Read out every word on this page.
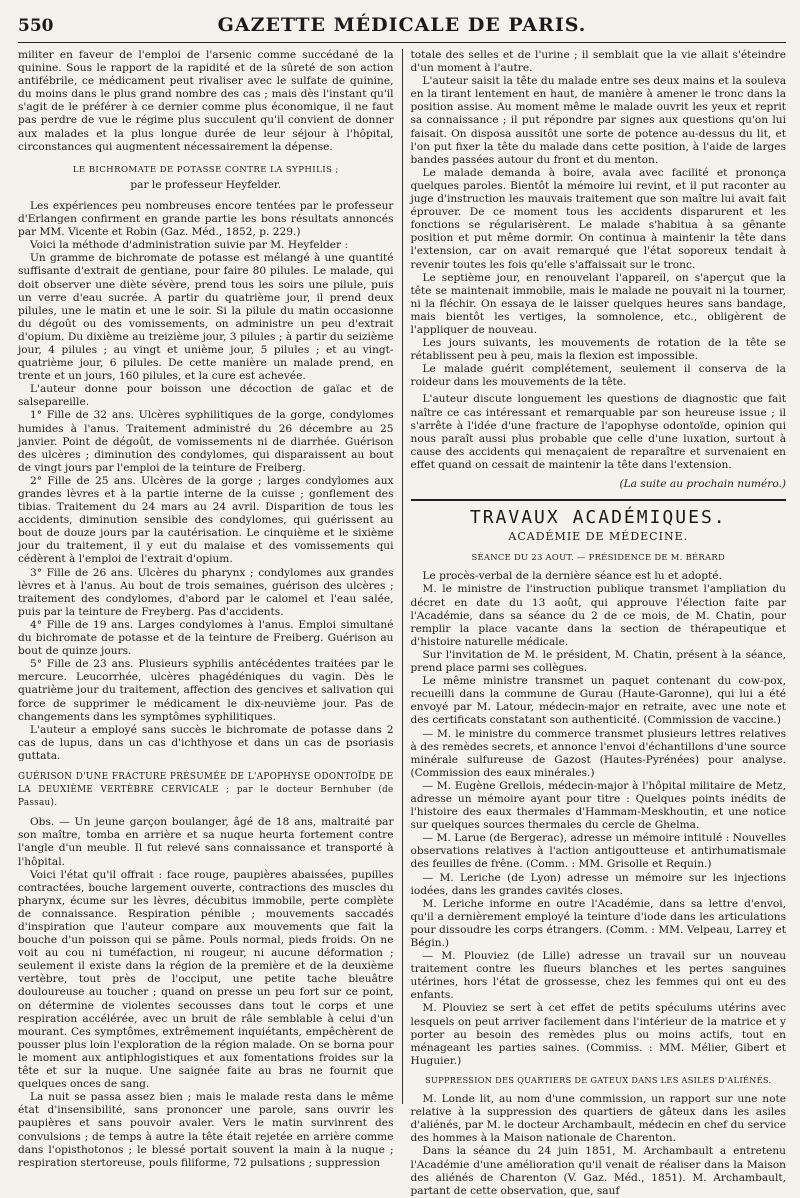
550	GAZETTE MÉDICALE DE PARIS.

militer en faveur de l'emploi de l'arsenic comme succédané de la quinine. Sous le rapport de la rapidité et de la sûreté de son action antifébrile, ce médicament peut rivaliser avec le sulfate de quinine, du moins dans le plus grand nombre des cas ; mais dès l'instant qu'il s'agit de le préférer à ce dernier comme plus économique, il ne faut pas perdre de vue le régime plus succulent qu'il convient de donner aux malades et la plus longue durée de leur séjour à l'hôpital, circonstances qui augmentent nécessairement la dépense.

LE BICHROMATE DE POTASSE CONTRE LA SYPHILIS ;

par le professeur Heyfelder.

Les expériences peu nombreuses encore tentées par le professeur d'Erlangen confirment en grande partie les bons résultats annoncés par MM. Vicente et Robin (Gaz. Méd., 1852, p. 229.)

Voici la méthode d'administration suivie par M. Heyfelder :

Un gramme de bichromate de potasse est mélangé à une quantité suffisante d'extrait de gentiane, pour faire 80 pilules. Le malade, qui doit observer une diète sévère, prend tous les soirs une pilule, puis un verre d'eau sucrée. A partir du quatrième jour, il prend deux pilules, une le matin et une le soir. Si la pilule du matin occasionne du dégoût ou des vomissements, on administre un peu d'extrait d'opium. Du dixième au treizième jour, 3 pilules ; à partir du seizième jour, 4 pilules ; au vingt et unième jour, 5 pilules ; et au vingt-quatrième jour, 6 pilules. De cette manière un malade prend, en trente et un jours, 160 pilules, et la cure est achevée.

L'auteur donne pour boisson une décoction de gaïac et de salsepareille.

1° Fille de 32 ans. Ulcères syphilitiques de la gorge, condylomes humides à l'anus. Traitement administré du 26 décembre au 25 janvier. Point de dégoût, de vomissements ni de diarrhée. Guérison des ulcères ; diminution des condylomes, qui disparaissent au bout de vingt jours par l'emploi de la teinture de Freiberg.

2° Fille de 25 ans. Ulcères de la gorge ; larges condylomes aux grandes lèvres et à la partie interne de la cuisse ; gonflement des tibias. Traitement du 24 mars au 24 avril. Disparition de tous les accidents, diminution sensible des condylomes, qui guérissent au bout de douze jours par la cautérisation. Le cinquième et le sixième jour du traitement, il y eut du malaise et des vomissements qui cédèrent à l'emploi de l'extrait d'opium.

3° Fille de 26 ans. Ulcères du pharynx ; condylomes aux grandes lèvres et à l'anus. Au bout de trois semaines, guérison des ulcères ; traitement des condylomes, d'abord par le calomel et l'eau salée, puis par la teinture de Freyberg. Pas d'accidents.

4° Fille de 19 ans. Larges condylomes à l'anus. Emploi simultané du bichromate de potasse et de la teinture de Freiberg. Guérison au bout de quinze jours.

5° Fille de 23 ans. Plusieurs syphilis antécédentes traitées par le mercure. Leucorrhée, ulcères phagédéniques du vagin. Dès le quatrième jour du traitement, affection des gencives et salivation qui force de supprimer le médicament le dix-neuvième jour. Pas de changements dans les symptômes syphilitiques.

L'auteur a employé sans succès le bichromate de potasse dans 2 cas de lupus, dans un cas d'ichthyose et dans un cas de psoriasis guttata.

GUÉRISON D'UNE FRACTURE PRÉSUMÉE DE L'APOPHYSE ODONTOÏDE DE LA DEUXIÈME VERTÈBRE CERVICALE ; par le docteur Bernhuber (de Passau).

Obs. — Un jeune garçon boulanger, âgé de 18 ans, maltraité par son maître, tomba en arrière et sa nuque heurta fortement contre l'angle d'un meuble. Il fut relevé sans connaissance et transporté à l'hôpital.

Voici l'état qu'il offrait : face rouge, paupières abaissées, pupilles contractées, bouche largement ouverte, contractions des muscles du pharynx, écume sur les lèvres, décubitus immobile, perte complète de connaissance. Respiration pénible ; mouvements saccadés d'inspiration que l'auteur compare aux mouvements que fait la bouche d'un poisson qui se pâme. Pouls normal, pieds froids. On ne voit au cou ni tuméfaction, ni rougeur, ni aucune déformation ; seulement il existe dans la région de la première et de la deuxième vertèbre, tout près de l'occiput, une petite tache bleuâtre douloureuse au toucher ; quand on presse un peu fort sur ce point, on détermine de violentes secousses dans tout le corps et une respiration accélérée, avec un bruit de râle semblable à celui d'un mourant. Ces symptômes, extrêmement inquiétants, empêchèrent de pousser plus loin l'exploration de la région malade. On se borna pour le moment aux antiphlogistiques et aux fomentations froides sur la tête et sur la nuque. Une saignée faite au bras ne fournit que quelques onces de sang.

La nuit se passa assez bien ; mais le malade resta dans le même état d'insensibilité, sans prononcer une parole, sans ouvrir les paupières et sans pouvoir avaler. Vers le matin survinrent des convulsions ; de temps à autre la tête était rejetée en arrière comme dans l'opisthotonos ; le blessé portait souvent la main à la nuque ; respiration stertoreuse, pouls filiforme, 72 pulsations ; suppression

totale des selles et de l'urine ; il semblait que la vie allait s'éteindre d'un moment à l'autre.

L'auteur saisit la tête du malade entre ses deux mains et la souleva en la tirant lentement en haut, de manière à amener le tronc dans la position assise. Au moment même le malade ouvrit les yeux et reprit sa connaissance ; il put répondre par signes aux questions qu'on lui faisait. On disposa aussitôt une sorte de potence au-dessus du lit, et l'on put fixer la tête du malade dans cette position, à l'aide de larges bandes passées autour du front et du menton.

Le malade demanda à boire, avala avec facilité et prononça quelques paroles. Bientôt la mémoire lui revint, et il put raconter au juge d'instruction les mauvais traitement que son maître lui avait fait éprouver. De ce moment tous les accidents disparurent et les fonctions se régularisèrent. Le malade s'habitua à sa gênante position et put même dormir. On continua à maintenir la tête dans l'extension, car on avait remarqué que l'état soporeux tendait à revenir toutes les fois qu'elle s'affaissait sur le tronc.

Le septième jour, en renouvelant l'appareil, on s'aperçut que la tête se maintenait immobile, mais le malade ne pouvait ni la tourner, ni la fléchir. On essaya de le laisser quelques heures sans bandage, mais bientôt les vertiges, la somnolence, etc., obligèrent de l'appliquer de nouveau.

Les jours suivants, les mouvements de rotation de la tête se rétablissent peu à peu, mais la flexion est impossible.

Le malade guérit complétement, seulement il conserva de la roideur dans les mouvements de la tête.

L'auteur discute longuement les questions de diagnostic que fait naître ce cas intéressant et remarquable par son heureuse issue ; il s'arrête à l'idée d'une fracture de l'apophyse odontoïde, opinion qui nous paraît aussi plus probable que celle d'une luxation, surtout à cause des accidents qui menaçaient de reparaître et survenaient en effet quand on cessait de maintenir la tête dans l'extension.

(La suite au prochain numéro.)

TRAVAUX ACADÉMIQUES.
ACADÉMIE DE MÉDECINE.
SÉANCE DU 23 AOUT. — PRÉSIDENCE DE M. BÉRARD

Le procès-verbal de la dernière séance est lu et adopté.

M. le ministre de l'instruction publique transmet l'ampliation du décret en date du 13 août, qui approuve l'élection faite par l'Académie, dans sa séance du 2 de ce mois, de M. Chatin, pour remplir la place vacante dans la section de thérapeutique et d'histoire naturelle médicale.

Sur l'invitation de M. le président, M. Chatin, présent à la séance, prend place parmi ses collègues.

Le même ministre transmet un paquet contenant du cow-pox, recueilli dans la commune de Gurau (Haute-Garonne), qui lui a été envoyé par M. Latour, médecin-major en retraite, avec une note et des certificats constatant son authenticité. (Commission de vaccine.)

— M. le ministre du commerce transmet plusieurs lettres relatives à des remèdes secrets, et annonce l'envoi d'échantillons d'une source minérale sulfureuse de Gazost (Hautes-Pyrénées) pour analyse. (Commission des eaux minérales.)

— M. Eugène Grellois, médecin-major à l'hôpital militaire de Metz, adresse un mémoire ayant pour titre : Quelques points inédits de l'histoire des eaux thermales d'Hammam-Meskhoutin, et une notice sur quelques sources thermales du cercle de Ghelma.

— M. Larue (de Bergerac), adresse un mémoire intitulé : Nouvelles observations relatives à l'action antigoutteuse et antirhumatismale des feuilles de frêne. (Comm. : MM. Grisolle et Requin.)

— M. Leriche (de Lyon) adresse un mémoire sur les injections iodées, dans les grandes cavités closes.

M. Leriche informe en outre l'Académie, dans sa lettre d'envoi, qu'il a dernièrement employé la teinture d'iode dans les articulations pour dissoudre les corps étrangers. (Comm. : MM. Velpeau, Larrey et Bégin.)

— M. Plouviez (de Lille) adresse un travail sur un nouveau traitement contre les flueurs blanches et les pertes sanguines utérines, hors l'état de grossesse, chez les femmes qui ont eu des enfants.

M. Plouviez se sert à cet effet de petits spéculums utérins avec lesquels on peut arriver facilement dans l'intérieur de la matrice et y porter au besoin des remèdes plus ou moins actifs, tout en ménageant les parties saines. (Commiss. : MM. Mélier, Gibert et Huguier.)

SUPPRESSION DES QUARTIERS DE GATEUX DANS LES ASILES D'ALIÉNÉS.

M. Londe lit, au nom d'une commission, un rapport sur une note relative à la suppression des quartiers de gâteux dans les asiles d'aliénés, par M. le docteur Archambault, médecin en chef du service des hommes à la Maison nationale de Charenton.

Dans la séance du 24 juin 1851, M. Archambault a entretenu l'Académie d'une amélioration qu'il venait de réaliser dans la Maison des aliénés de Charenton (V. Gaz. Méd., 1851). M. Archambault, partant de cette observation, que, sauf
